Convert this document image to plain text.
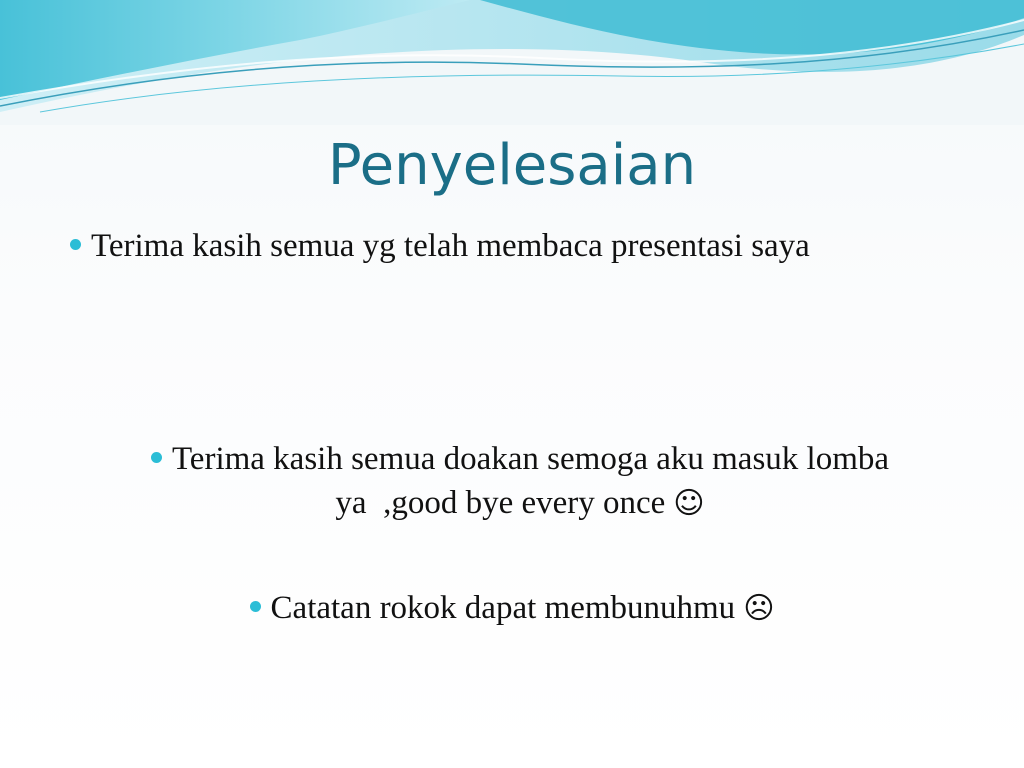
Penyelesaian
Terima kasih semua yg telah membaca presentasi saya
Terima kasih semua doakan semoga aku masuk lomba
ya  ,good bye every once ☺
Catatan rokok dapat membunuhmu ☹
